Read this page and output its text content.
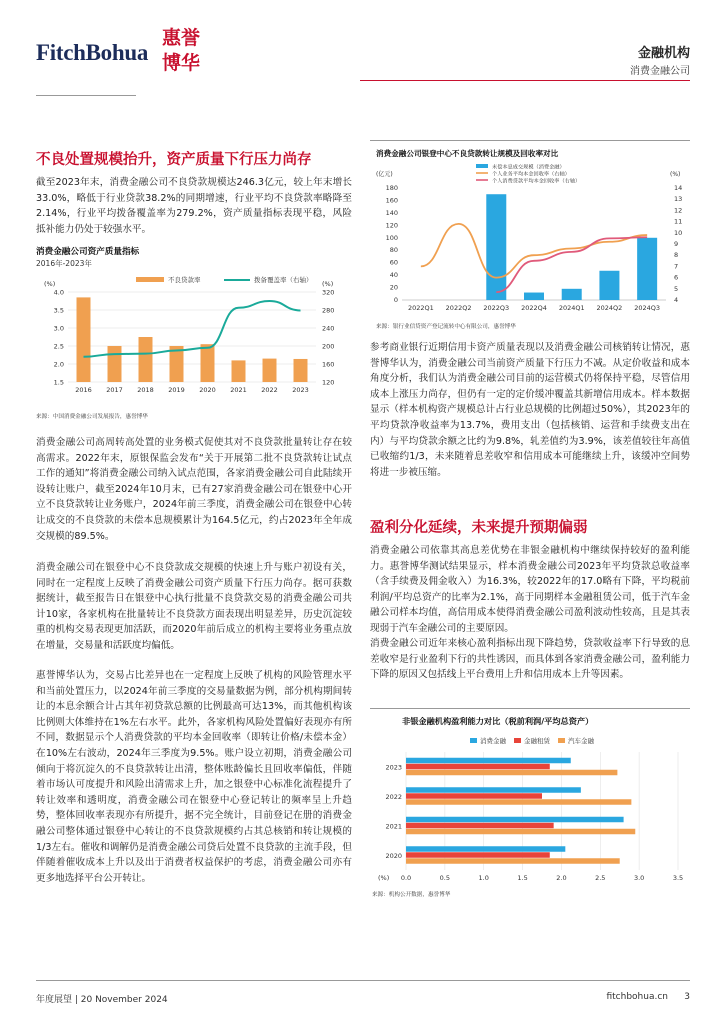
FitchBohua
惠誉
博华	金融机构
消费金融公司
不良处置规模抬升，资产质量下行压力尚存
截至2023年末，消费金融公司不良贷款规模达246.3亿元，较上年末增长33.0%，略低于行业贷款38.2%的同期增速，行业平均不良贷款率略降至2.14%，行业平均拨备覆盖率为279.2%，资产质量指标表现平稳，风险抵补能力仍处于较强水平。
消费金融公司资产质量指标
2016年-2023年
不良贷款率	拨备覆盖率（右轴）
(%)	(%)
4.0
3.5
3.0
2.5
2.0
1.5
320
280
240
200
160
120
2016 2017 2018 2019 2020 2021 2022 2023
来源：中国消费金融公司发展报告，惠誉博华
消费金融公司高周转高处置的业务模式促使其对不良贷款批量转让存在较高需求。2022年末，原银保监会发布“关于开展第二批不良贷款转让试点工作的通知”将消费金融公司纳入试点范围，各家消费金融公司自此陆续开设转让账户，截至2024年10月末，已有27家消费金融公司在银登中心开立不良贷款转让业务账户，2024年前三季度，消费金融公司在银登中心转让成交的不良贷款的未偿本息规模累计为164.5亿元，约占2023年全年成交规模的89.5%。
消费金融公司在银登中心不良贷款成交规模的快速上升与账户初设有关，同时在一定程度上反映了消费金融公司资产质量下行压力尚存。据可获数据统计，截至报告日在银登中心执行批量不良贷款交易的消费金融公司共计10家，各家机构在批量转让不良贷款方面表现出明显差异，历史沉淀较重的机构交易表现更加活跃，而2020年前后成立的机构主要将业务重点放在增量，交易量和活跃度均偏低。
惠誉博华认为，交易占比差异也在一定程度上反映了机构的风险管理水平和当前处置压力，以2024年前三季度的交易量数据为例，部分机构期间转让的本息余额合计占其年初贷款总额的比例最高可达13%，而其他机构该比例则大体维持在1%左右水平。此外，各家机构风险处置偏好表现亦有所不同，数据显示个人消费贷款的平均本金回收率（即转让价格/未偿本金）在10%左右波动，2024年三季度为9.5%。账户设立初期，消费金融公司倾向于将沉淀久的不良贷款转让出清，整体账龄偏长且回收率偏低，伴随着市场认可度提升和风险出清需求上升，加之银登中心标准化流程提升了转让效率和透明度，消费金融公司在银登中心登记转让的频率呈上升趋势，整体回收率表现亦有所提升，据不完全统计，目前登记在册的消费金融公司整体通过银登中心转让的不良贷款规模约占其总核销和转让规模的1/3左右。催收和调解仍是消费金融公司贷后处置不良贷款的主流手段，但伴随着催收成本上升以及出于消费者权益保护的考虑，消费金融公司亦有更多地选择平台公开转让。
消费金融公司银登中心不良贷款转让规模及回收率对比
(亿元)	(%)
未偿本息成交规模（消费金融）
个人业务平均本金回收率（右轴）
个人消费贷款平均本金回收率（右轴）
180
160
140
120
100
80
60
40
20
0
14
13
12
11
10
9
8
7
6
5
4
2022Q1 2022Q2 2022Q3 2022Q4 2024Q1 2024Q2 2024Q3
来源：银行业信贷资产登记流转中心有限公司，惠誉博华
参考商业银行近期信用卡资产质量表现以及消费金融公司核销转让情况，惠誉博华认为，消费金融公司当前资产质量下行压力不减。从定价收益和成本角度分析，我们认为消费金融公司目前的运营模式仍将保持平稳，尽管信用成本上涨压力尚存，但仍有一定的定价缓冲覆盖其新增信用成本。样本数据显示（样本机构资产规模总计占行业总规模的比例超过50%），其2023年的平均贷款净收益率为13.7%，费用支出（包括核销、运营和手续费支出在内）与平均贷款余额之比约为9.8%，轧差值约为3.9%，该差值较往年高值已收缩约1/3，未来随着息差收窄和信用成本可能继续上升，该缓冲空间势将进一步被压缩。
盈利分化延续，未来提升预期偏弱
消费金融公司依靠其高息差优势在非银金融机构中继续保持较好的盈利能力。惠誉博华测试结果显示，样本消费金融公司2023年平均贷款总收益率（含手续费及佣金收入）为16.3%，较2022年的17.0略有下降，平均税前利润/平均总资产的比率为2.1%，高于同期样本金融租赁公司，低于汽车金融公司样本均值，高信用成本使得消费金融公司盈利波动性较高，且是其表现弱于汽车金融公司的主要原因。
消费金融公司近年来核心盈利指标出现下降趋势，贷款收益率下行导致的息差收窄是行业盈利下行的共性诱因，而具体到各家消费金融公司，盈利能力下降的原因又包括线上平台费用上升和信用成本上升等因素。
非银金融机构盈利能力对比（税前利润/平均总资产）
消费金融	金融租赁	汽车金融
0.0	0.5	1.0	1.5	2.0	2.5	3.0	3.5
(%)
2023
2022
2021
2020
来源：机构公开数据，惠誉博华
年度展望 | 20 November 2024	fitchbohua.cn 3
